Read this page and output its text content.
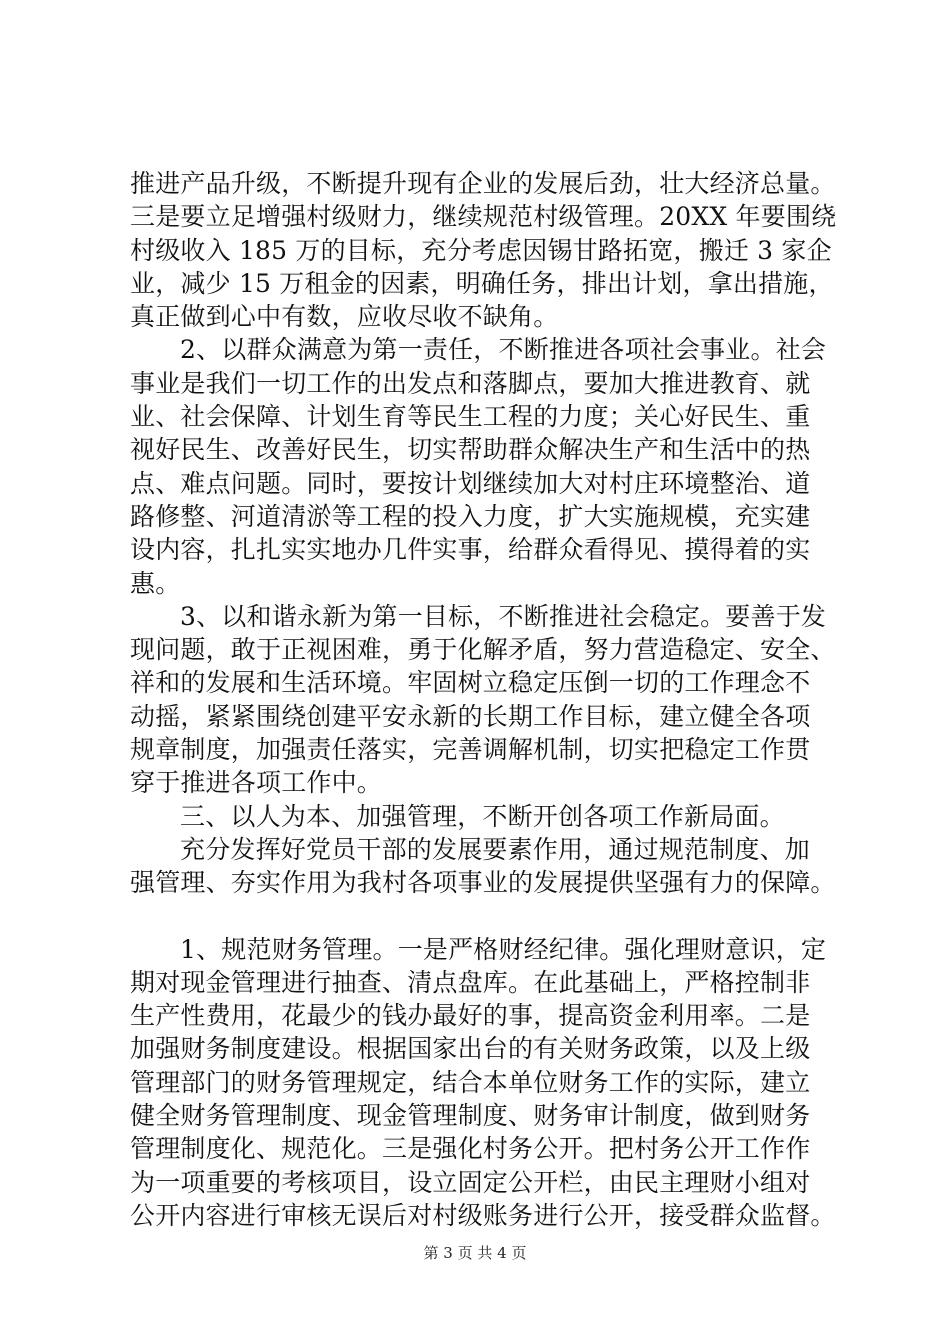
推进产品升级，不断提升现有企业的发展后劲，壮大经济总量。
三是要立足增强村级财力，继续规范村级管理。20XX 年要围绕
村级收入 185 万的目标，充分考虑因锡甘路拓宽，搬迁 3 家企
业，减少 15 万租金的因素，明确任务，排出计划，拿出措施，
真正做到心中有数，应收尽收不缺角。
2、以群众满意为第一责任，不断推进各项社会事业。社会
事业是我们一切工作的出发点和落脚点，要加大推进教育、就
业、社会保障、计划生育等民生工程的力度；关心好民生、重
视好民生、改善好民生，切实帮助群众解决生产和生活中的热
点、难点问题。同时，要按计划继续加大对村庄环境整治、道
路修整、河道清淤等工程的投入力度，扩大实施规模，充实建
设内容，扎扎实实地办几件实事，给群众看得见、摸得着的实
惠。
3、以和谐永新为第一目标，不断推进社会稳定。要善于发
现问题，敢于正视困难，勇于化解矛盾，努力营造稳定、安全、
祥和的发展和生活环境。牢固树立稳定压倒一切的工作理念不
动摇，紧紧围绕创建平安永新的长期工作目标，建立健全各项
规章制度，加强责任落实，完善调解机制，切实把稳定工作贯
穿于推进各项工作中。
三、以人为本、加强管理，不断开创各项工作新局面。
充分发挥好党员干部的发展要素作用，通过规范制度、加
强管理、夯实作用为我村各项事业的发展提供坚强有力的保障。
1、规范财务管理。一是严格财经纪律。强化理财意识，定
期对现金管理进行抽查、清点盘库。在此基础上，严格控制非
生产性费用，花最少的钱办最好的事，提高资金利用率。二是
加强财务制度建设。根据国家出台的有关财务政策，以及上级
管理部门的财务管理规定，结合本单位财务工作的实际，建立
健全财务管理制度、现金管理制度、财务审计制度，做到财务
管理制度化、规范化。三是强化村务公开。把村务公开工作作
为一项重要的考核项目，设立固定公开栏，由民主理财小组对
公开内容进行审核无误后对村级账务进行公开，接受群众监督。
第 3 页 共 4 页
